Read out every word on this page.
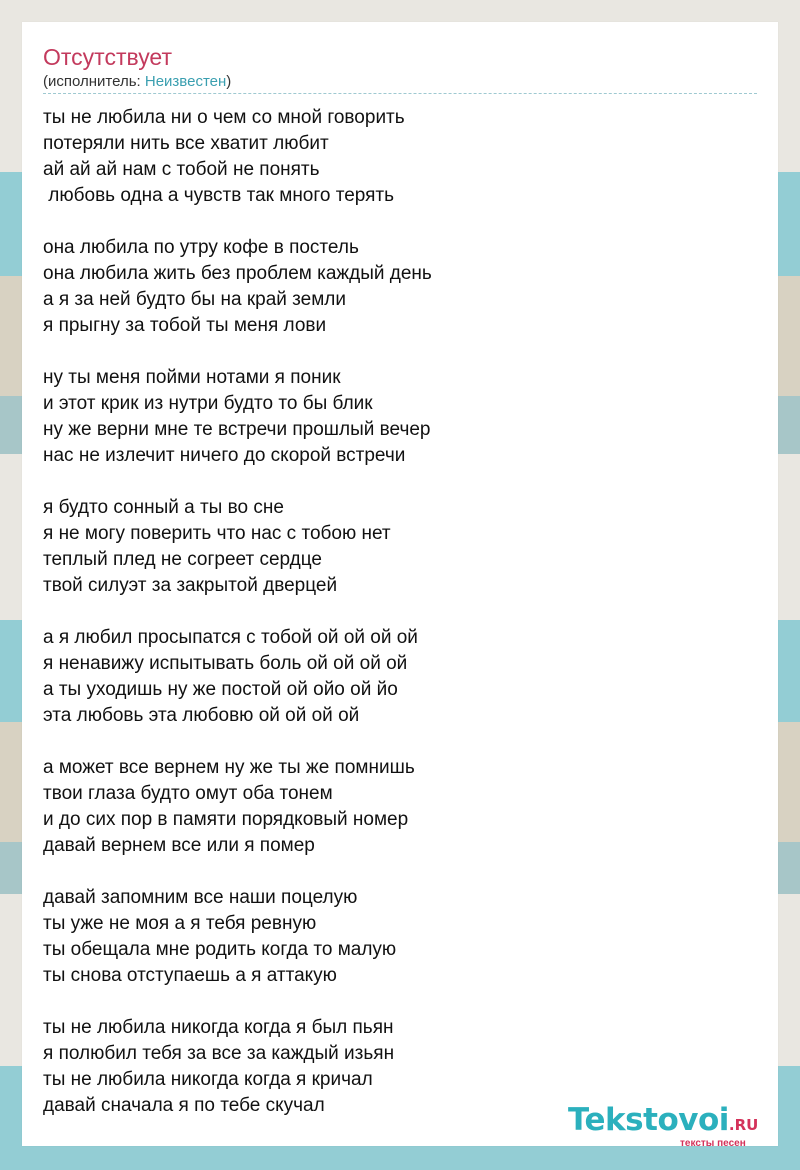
Отсутствует
(исполнитель: Неизвестен)
ты не любила ни о чем со мной говорить
потеряли нить все хватит любит
ай ай ай нам с тобой не понять
любовь одна а чувств так много терять
она любила по утру кофе в постель
она любила жить без проблем каждый день
а я за ней будто бы на край земли
я прыгну за тобой ты меня лови
ну ты меня пойми нотами я поник
и этот крик из нутри будто то бы блик
ну же верни мне те встречи прошлый вечер
нас не излечит ничего до скорой встречи
я будто сонный а ты во сне
я не могу поверить что нас с тобою нет
теплый плед не согреет сердце
твой силуэт за закрытой дверцей
а я любил просыпатся с тобой ой ой ой ой
я ненавижу испытывать боль ой ой ой ой
а ты уходишь ну же постой ой ойо ой йо
эта любовь эта любовю ой ой ой ой
а может все вернем ну же ты же помнишь
твои глаза будто омут оба тонем
и до сих пор в памяти порядковый номер
давай вернем все или я помер
давай запомним все наши поцелую
ты уже не моя а я тебя ревную
ты обещала мне родить когда то малую
ты снова отступаешь а я аттакую
ты не любила никогда когда я был пьян
я полюбил тебя за все за каждый изьян
ты не любила никогда когда я кричал
давай сначала я по тебе скучал	Tekstovoi.RU
тексты песен
